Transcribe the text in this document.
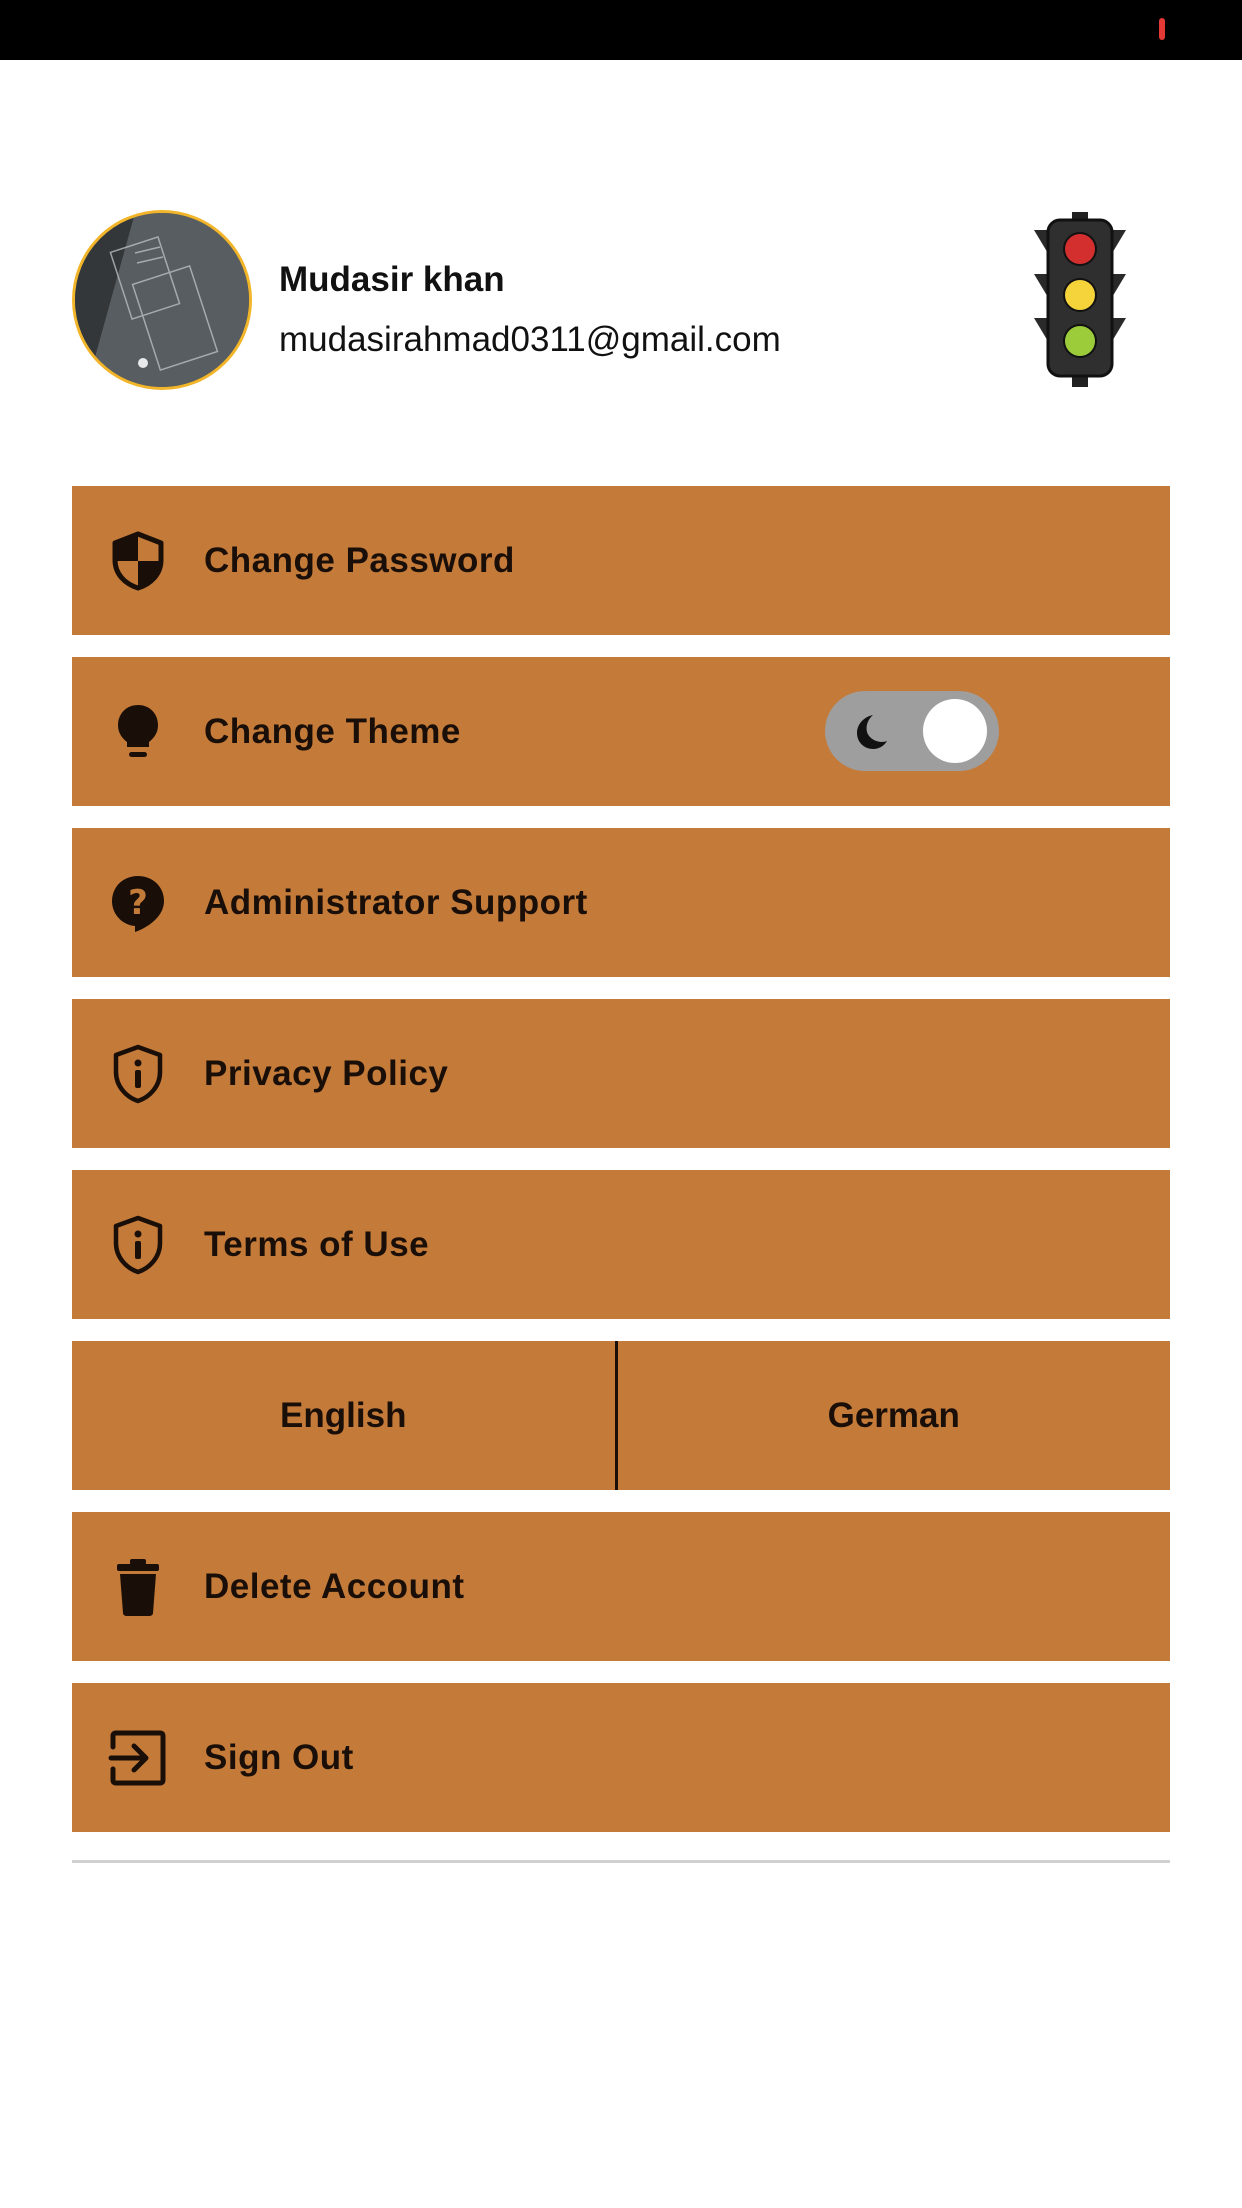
Mudasir khan
mudasirahmad0311@gmail.com
Change Password
Change Theme
? Administrator Support
Privacy Policy
Terms of Use
English	German
Delete Account
Sign Out
